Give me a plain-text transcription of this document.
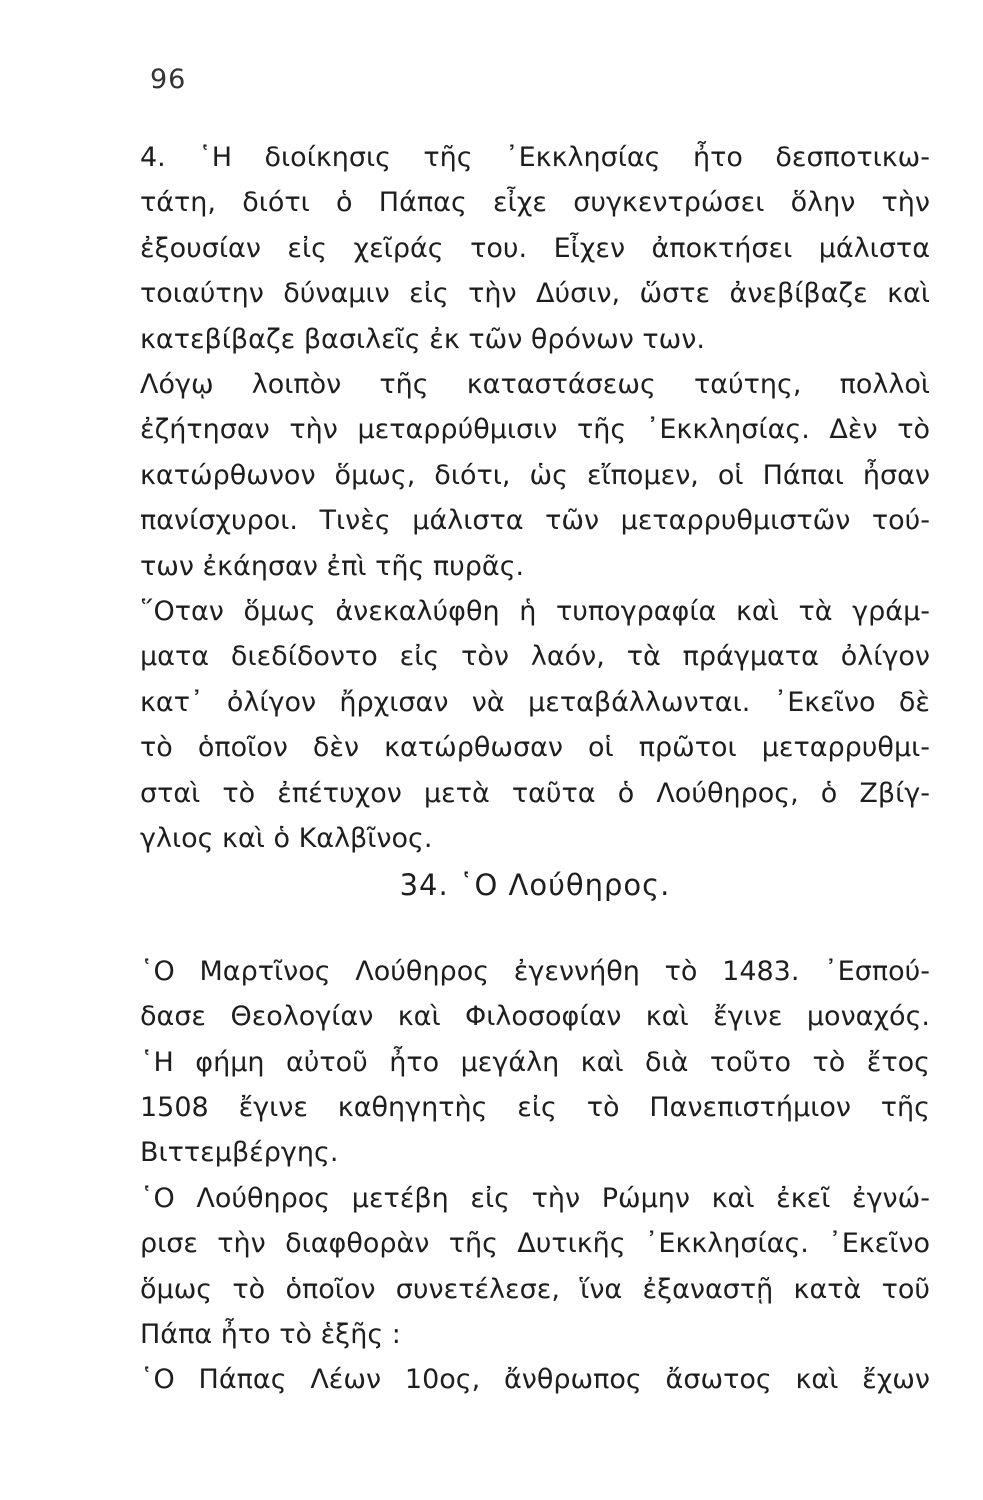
96
4. ῾Η διοίκησις τῆς ᾿Εκκλησίας ἦτο δεσποτικω-
τάτη, διότι ὁ Πάπας εἶχε συγκεντρώσει ὅλην τὴν
ἐξουσίαν εἰς χεῖράς του. Εἶχεν ἀποκτήσει μάλιστα
τοιαύτην δύναμιν εἰς τὴν Δύσιν, ὥστε ἀνεβίβαζε καὶ
κατεβίβαζε βασιλεῖς ἐκ τῶν θρόνων των.
Λόγῳ λοιπὸν τῆς καταστάσεως ταύτης, πολλοὶ
ἐζήτησαν τὴν μεταρρύθμισιν τῆς ᾿Εκκλησίας. Δὲν τὸ
κατώρθωνον ὅμως, διότι, ὡς εἴπομεν, οἱ Πάπαι ἦσαν
πανίσχυροι. Τινὲς μάλιστα τῶν μεταρρυθμιστῶν τού-
των ἐκάησαν ἐπὶ τῆς πυρᾶς.
῞Οταν ὅμως ἀνεκαλύφθη ἡ τυπογραφία καὶ τὰ γράμ-
ματα διεδίδοντο εἰς τὸν λαόν, τὰ πράγματα ὀλίγον
κατ᾿ ὀλίγον ἤρχισαν νὰ μεταβάλλωνται. ᾿Εκεῖνο δὲ
τὸ ὁποῖον δὲν κατώρθωσαν οἱ πρῶτοι μεταρρυθμι-
σταὶ τὸ ἐπέτυχον μετὰ ταῦτα ὁ Λούθηρος, ὁ Ζβίγ-
γλιος καὶ ὁ Καλβῖνος.
34. ῾Ο Λούθηρος.
῾Ο Μαρτῖνος Λούθηρος ἐγεννήθη τὸ 1483. ᾿Εσπού-
δασε Θεολογίαν καὶ Φιλοσοφίαν καὶ ἔγινε μοναχός.
῾Η φήμη αὐτοῦ ἦτο μεγάλη καὶ διὰ τοῦτο τὸ ἔτος
1508 ἔγινε καθηγητὴς εἰς τὸ Πανεπιστήμιον τῆς
Βιττεμβέργης.
῾Ο Λούθηρος μετέβη εἰς τὴν Ρώμην καὶ ἐκεῖ ἐγνώ-
ρισε τὴν διαφθορὰν τῆς Δυτικῆς ᾿Εκκλησίας. ᾿Εκεῖνο
ὅμως τὸ ὁποῖον συνετέλεσε, ἵνα ἐξαναστῇ κατὰ τοῦ
Πάπα ἦτο τὸ ἑξῆς :
῾Ο Πάπας Λέων 10ος, ἄνθρωπος ἄσωτος καὶ ἔχων
